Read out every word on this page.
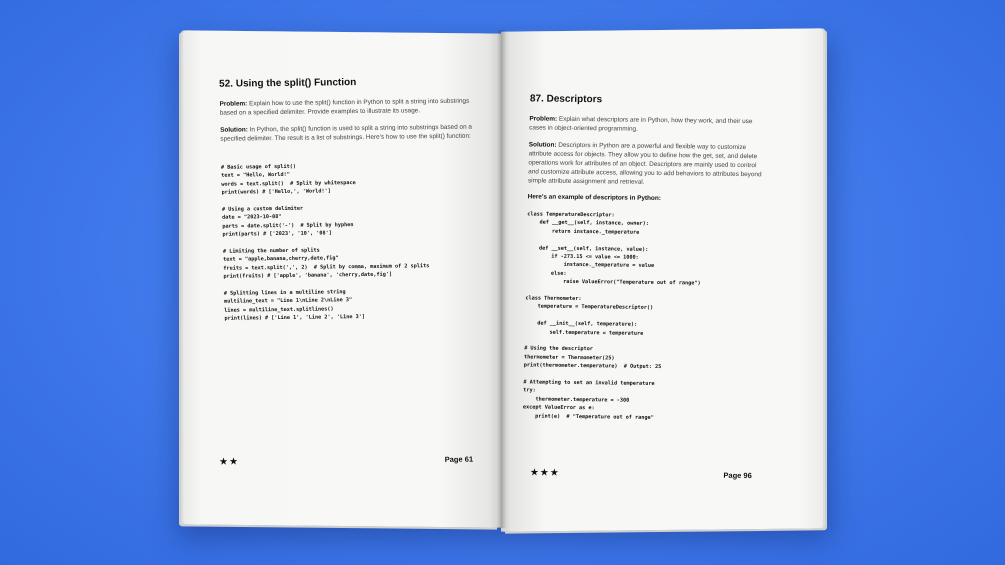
52. Using the split() Function

Problem: Explain how to use the split() function in Python to split a string into substrings based on a specified delimiter. Provide examples to illustrate its usage.

Solution: In Python, the split() function is used to split a string into substrings based on a specified delimiter. The result is a list of substrings. Here's how to use the split() function:

# Basic usage of split()
text = "Hello, World!"
words = text.split()  # Split by whitespace
print(words) # ['Hello,', 'World!']
# Using a custom delimiter
date = "2023-10-08"
parts = date.split('-')  # Split by hyphen
print(parts) # ['2023', '10', '08']
# Limiting the number of splits
text = "apple,banana,cherry,date,fig"
fruits = text.split(',', 2)  # Split by comma, maximum of 2 splits
print(fruits) # ['apple', 'banana', 'cherry,date,fig']
# Splitting lines in a multiline string
multiline_text = "Line 1\nLine 2\nLine 3"
lines = multiline_text.splitlines()
print(lines) # ['Line 1', 'Line 2', 'Line 3']
★★	Page 61
87. Descriptors

Problem: Explain what descriptors are in Python, how they work, and their use cases in object-oriented programming.

Solution: Descriptors in Python are a powerful and flexible way to customize attribute access for objects. They allow you to define how the get, set, and delete operations work for attributes of an object. Descriptors are mainly used to control and customize attribute access, allowing you to add behaviors to attributes beyond simple attribute assignment and retrieval.

Here's an example of descriptors in Python:
class TemperatureDescriptor:
def __get__(self, instance, owner):
return instance._temperature

def __set__(self, instance, value):
if -273.15 <= value <= 1000:
instance._temperature = value
else:
raise ValueError("Temperature out of range")
class Thermometer:
temperature = TemperatureDescriptor()

def __init__(self, temperature):
self.temperature = temperature
# Using the descriptor
thermometer = Thermometer(25)
print(thermometer.temperature)  # Output: 25
# Attempting to set an invalid temperature
try:
thermometer.temperature = -300
except ValueError as e:
print(e)  # "Temperature out of range"
★★★	Page 96
